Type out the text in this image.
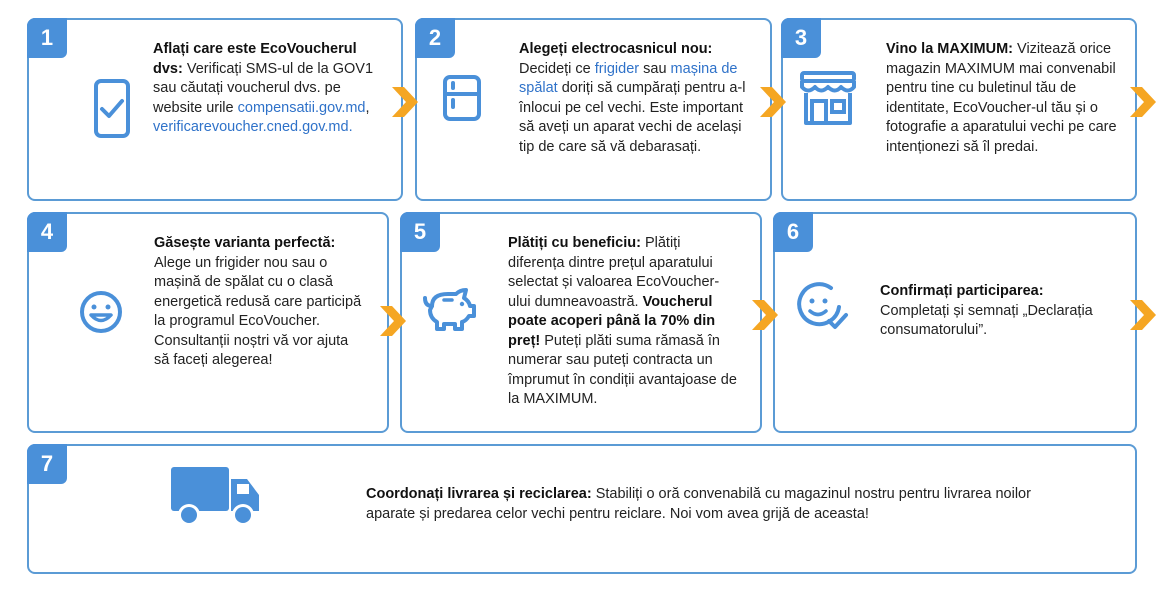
1	Aflați care este EcoVoucherul dvs: Verificați SMS-ul de la GOV1 sau căutați voucherul dvs. pe website urile compensatii.gov.md, verificarevoucher.cned.gov.md.
2	Alegeți electrocasnicul nou: Decideți ce frigider sau mașina de spălat doriți să cumpărați pentru a-l înlocui pe cel vechi. Este important să aveți un aparat vechi de același tip de care să vă debarasați.
3	Vino la MAXIMUM: Vizitează orice magazin MAXIMUM mai convenabil pentru tine cu buletinul tău de identitate, EcoVoucher-ul tău și o fotografie a aparatului vechi pe care intenționezi să îl predai.
4	Găsește varianta perfectă: Alege un frigider nou sau o mașină de spălat cu o clasă energetică redusă care participă la programul EcoVoucher. Consultanții noștri vă vor ajuta să faceți alegerea!
5	Plătiți cu beneficiu: Plătiți diferența dintre prețul aparatului selectat și valoarea EcoVoucher-ului dumneavoastră. Voucherul poate acoperi până la 70% din preț! Puteți plăti suma rămasă în numerar sau puteți contracta un împrumut în condiții avantajoase de la MAXIMUM.
6
Confirmați participarea: Completați și semnați „Declarația consumatorului”.
7
Coordonați livrarea și reciclarea: Stabiliți o oră convenabilă cu magazinul nostru pentru livrarea noilor aparate și predarea celor vechi pentru reiclare. Noi vom avea grijă de aceasta!
